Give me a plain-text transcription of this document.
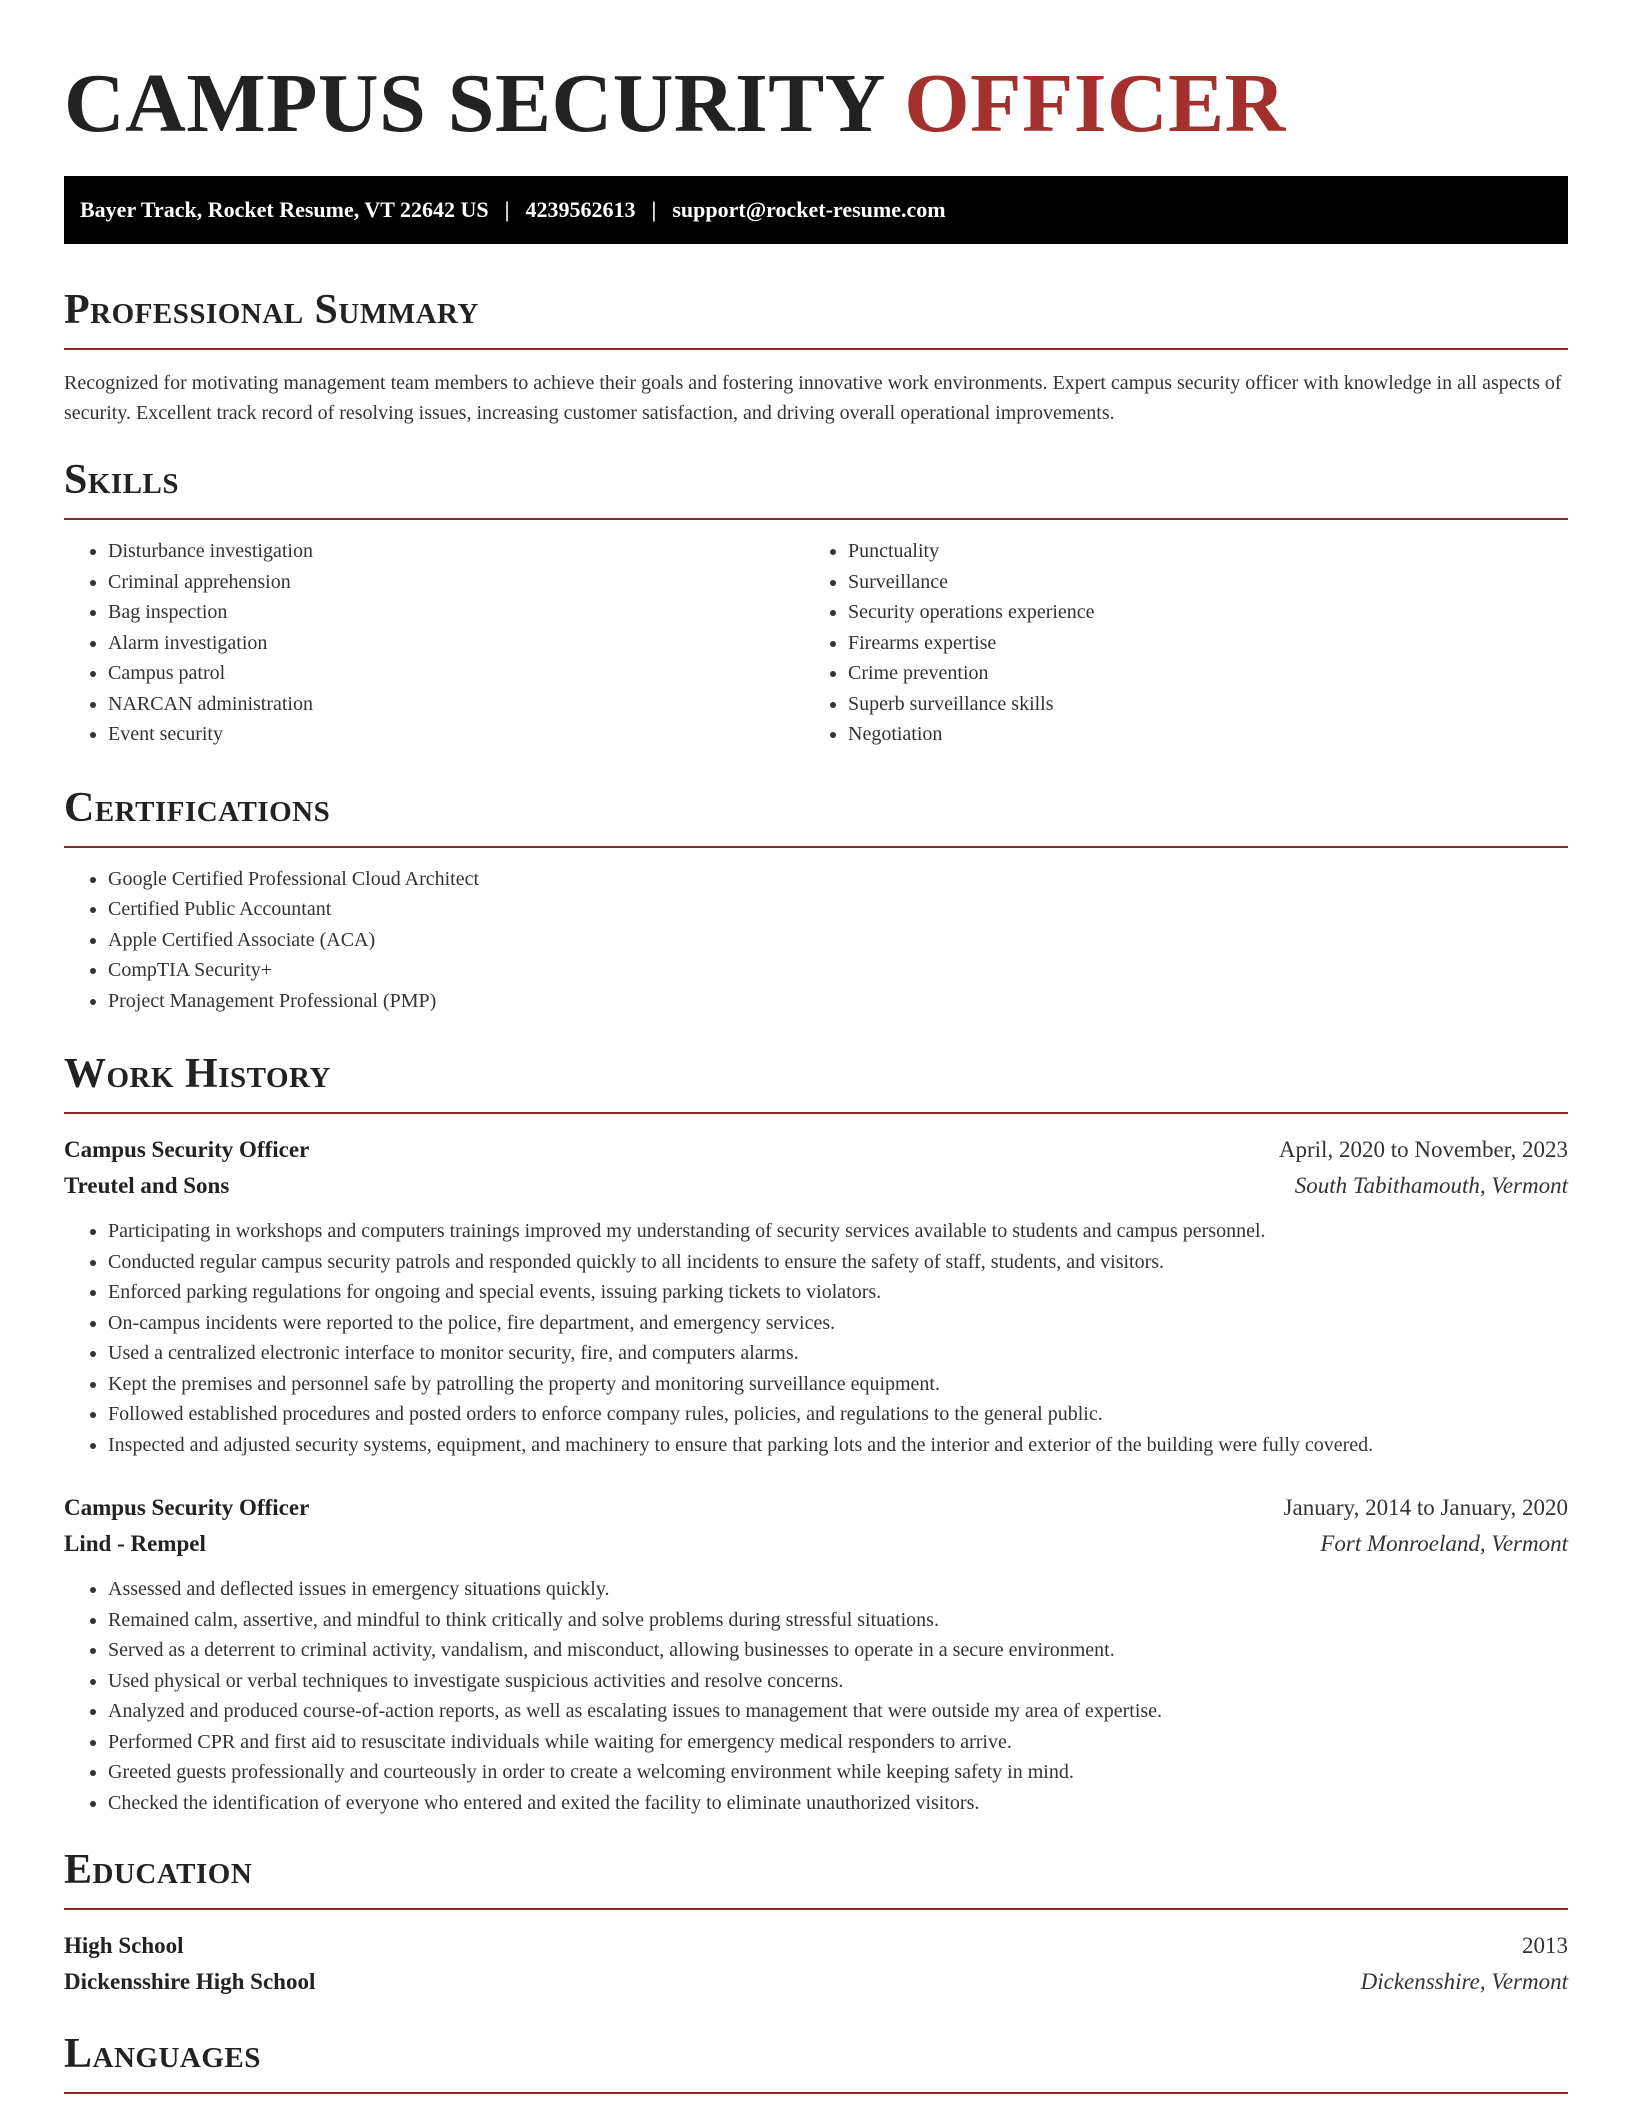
CAMPUS SECURITY OFFICER
Bayer Track, Rocket Resume, VT 22642 US | 4239562613 | support@rocket-resume.com
Professional Summary

Recognized for motivating management team members to achieve their goals and fostering innovative work environments. Expert campus security officer with knowledge in all aspects of security. Excellent track record of resolving issues, increasing customer satisfaction, and driving overall operational improvements.

Skills
• Disturbance investigation
• Criminal apprehension
• Bag inspection
• Alarm investigation
• Campus patrol
• NARCAN administration
• Event security
• Punctuality
• Surveillance
• Security operations experience
• Firearms expertise
• Crime prevention
• Superb surveillance skills
• Negotiation
Certifications
• Google Certified Professional Cloud Architect
• Certified Public Accountant
• Apple Certified Associate (ACA)
• CompTIA Security+
• Project Management Professional (PMP)
Work History
Campus Security Officer	April, 2020 to November, 2023
Treutel and Sons	South Tabithamouth, Vermont
• Participating in workshops and computers trainings improved my understanding of security services available to students and campus personnel.
• Conducted regular campus security patrols and responded quickly to all incidents to ensure the safety of staff, students, and visitors.
• Enforced parking regulations for ongoing and special events, issuing parking tickets to violators.
• On-campus incidents were reported to the police, fire department, and emergency services.
• Used a centralized electronic interface to monitor security, fire, and computers alarms.
• Kept the premises and personnel safe by patrolling the property and monitoring surveillance equipment.
• Followed established procedures and posted orders to enforce company rules, policies, and regulations to the general public.
• Inspected and adjusted security systems, equipment, and machinery to ensure that parking lots and the interior and exterior of the building were fully covered.
Campus Security Officer	January, 2014 to January, 2020
Lind - Rempel	Fort Monroeland, Vermont
• Assessed and deflected issues in emergency situations quickly.
• Remained calm, assertive, and mindful to think critically and solve problems during stressful situations.
• Served as a deterrent to criminal activity, vandalism, and misconduct, allowing businesses to operate in a secure environment.
• Used physical or verbal techniques to investigate suspicious activities and resolve concerns.
• Analyzed and produced course-of-action reports, as well as escalating issues to management that were outside my area of expertise.
• Performed CPR and first aid to resuscitate individuals while waiting for emergency medical responders to arrive.
• Greeted guests professionally and courteously in order to create a welcoming environment while keeping safety in mind.
• Checked the identification of everyone who entered and exited the facility to eliminate unauthorized visitors.
Education
High School	2013
Dickensshire High School	Dickensshire, Vermont
Languages
